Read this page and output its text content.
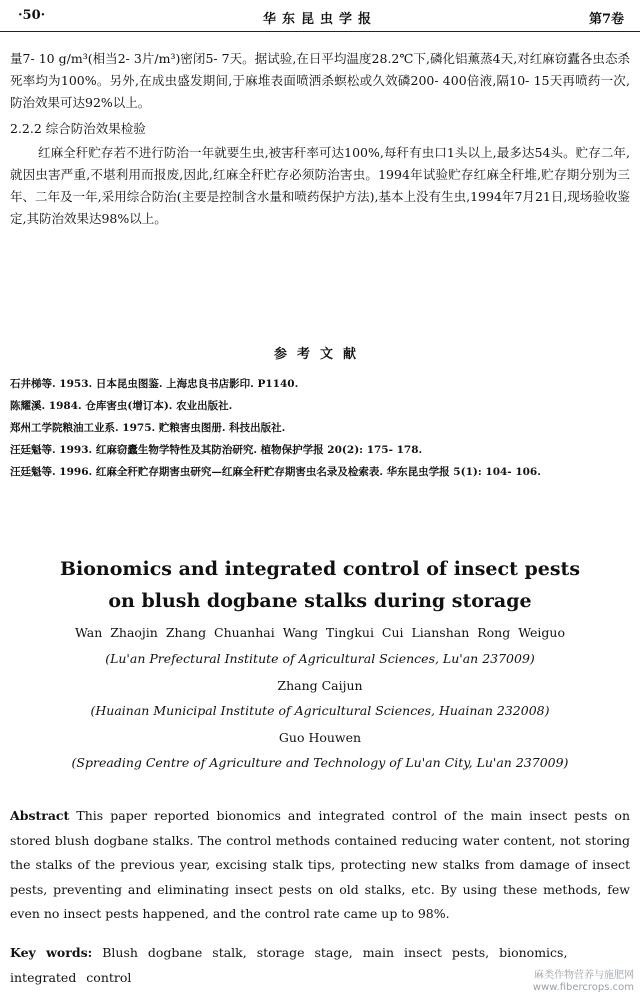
·50·	华东昆虫学报	第7卷
量7- 10 g/m³(相当2- 3片/m³)密闭5- 7天。据试验,在日平均温度28.2℃下,磷化铝薰蒸4天,对红麻窃蠹各虫态杀死率均为100%。另外,在成虫盛发期间,于麻堆表面喷洒杀螟松或久效磷200- 400倍液,隔10- 15天再喷药一次,防治效果可达92%以上。
2.2.2 综合防治效果检验
红麻全秆贮存若不进行防治一年就要生虫,被害秆率可达100%,每秆有虫口1头以上,最多达54头。贮存二年,就因虫害严重,不堪利用而报废,因此,红麻全秆贮存必须防治害虫。1994年试验贮存红麻全秆堆,贮存期分别为三年、二年及一年,采用综合防治(主要是控制含水量和喷药保护方法),基本上没有生虫,1994年7月21日,现场验收鉴定,其防治效果达98%以上。
参考文献

石井梯等. 1953. 日本昆虫图鉴. 上海忠良书店影印. P1140.

陈耀溪. 1984. 仓库害虫(增订本). 农业出版社.

郑州工学院粮油工业系. 1975. 贮粮害虫图册. 科技出版社.

汪廷魁等. 1993. 红麻窃蠹生物学特性及其防治研究. 植物保护学报 20(2): 175- 178.

汪廷魁等. 1996. 红麻全秆贮存期害虫研究—红麻全秆贮存期害虫名录及检索表. 华东昆虫学报 5(1): 104- 106.

Bionomics and integrated control of insect pests
on blush dogbane stalks during storage
Wan Zhaojin Zhang Chuanhai Wang Tingkui Cui Lianshan Rong Weiguo
(Lu'an Prefectural Institute of Agricultural Sciences, Lu'an 237009)
Zhang Caijun
(Huainan Municipal Institute of Agricultural Sciences, Huainan 232008)
Guo Houwen
(Spreading Centre of Agriculture and Technology of Lu'an City, Lu'an 237009)
Abstract This paper reported bionomics and integrated control of the main insect pests on stored blush dogbane stalks. The control methods contained reducing water content, not storing the stalks of the previous year, excising stalk tips, protecting new stalks from damage of insect pests, preventing and eliminating insect pests on old stalks, etc. By using these methods, few even no insect pests happened, and the control rate came up to 98%.
Key words: Blush dogbane stalk, storage stage, main insect pests, bionomics, integrated control	麻类作物营养与施肥网
www.fibercrops.com
